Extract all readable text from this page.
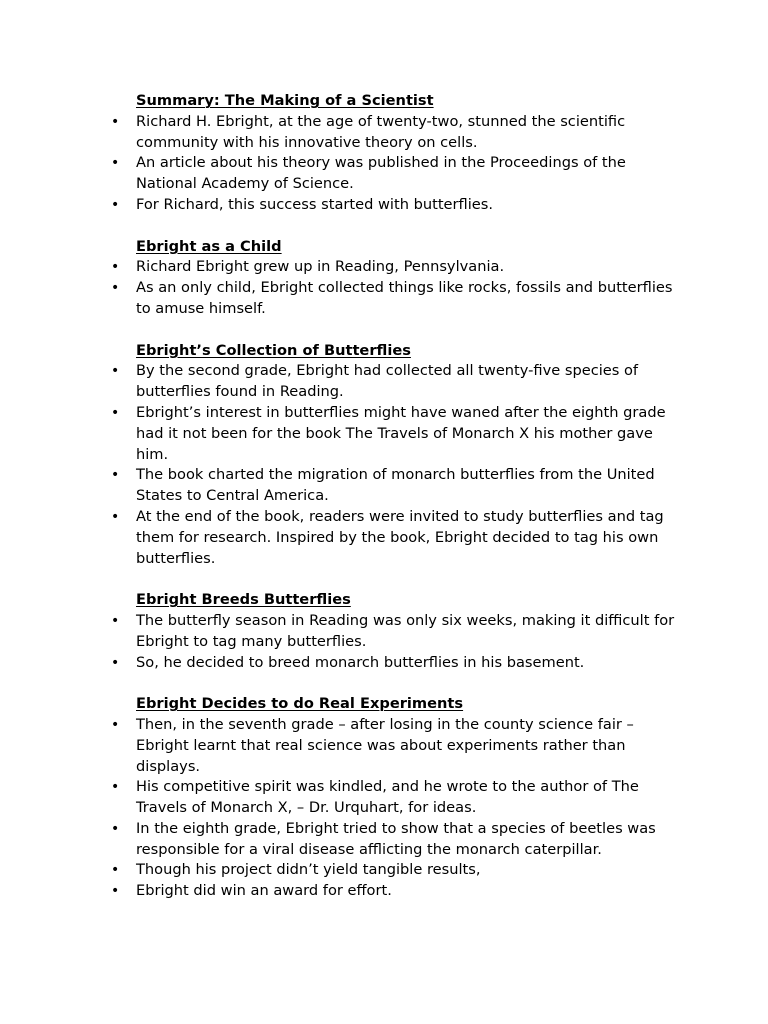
Summary: The Making of a Scientist
• Richard H. Ebright, at the age of twenty-two, stunned the scientific community with his innovative theory on cells.
• An article about his theory was published in the Proceedings of the National Academy of Science.
• For Richard, this success started with butterflies.
Ebright as a Child
• Richard Ebright grew up in Reading, Pennsylvania.
• As an only child, Ebright collected things like rocks, fossils and butterflies to amuse himself.
Ebright’s Collection of Butterflies
• By the second grade, Ebright had collected all twenty-five species of butterflies found in Reading.
• Ebright’s interest in butterflies might have waned after the eighth grade had it not been for the book The Travels of Monarch X his mother gave him.
• The book charted the migration of monarch butterflies from the United States to Central America.
• At the end of the book, readers were invited to study butterflies and tag them for research. Inspired by the book, Ebright decided to tag his own butterflies.
Ebright Breeds Butterflies
• The butterfly season in Reading was only six weeks, making it difficult for Ebright to tag many butterflies.
• So, he decided to breed monarch butterflies in his basement.
Ebright Decides to do Real Experiments
• Then, in the seventh grade – after losing in the county science fair – Ebright learnt that real science was about experiments rather than displays.
• His competitive spirit was kindled, and he wrote to the author of The Travels of Monarch X, – Dr. Urquhart, for ideas.
• In the eighth grade, Ebright tried to show that a species of beetles was responsible for a viral disease afflicting the monarch caterpillar.
• Though his project didn’t yield tangible results,
• Ebright did win an award for effort.
